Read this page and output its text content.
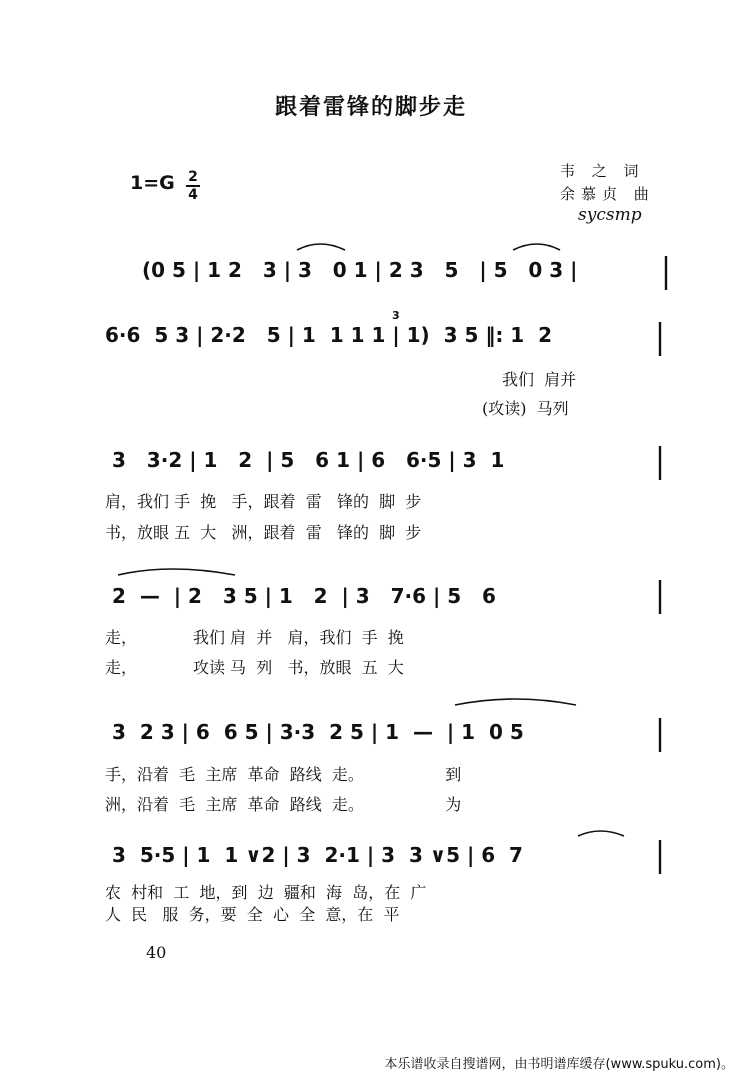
跟着雷锋的脚步走
1=G 2
4
韦 之 词
余慕贞 曲
sycsmp
(0 5 | 1 2   3 | 3   0 1 | 2 3   5   | 5   0 3 |
6·6  5 3 | 2·2   5 | 1  1 1 1 | 1)  3 5 ‖: 1  2
3
我们  肩并
(攻读)  马列
3   3·2 | 1   2  | 5   6 1 | 6   6·5 | 3  1
肩，我们 手  挽   手，跟着  雷   锋的  脚  步
书，放眼 五  大   洲，跟着  雷   锋的  脚  步
2  —  | 2   3 5 | 1   2  | 3   7·6 | 5   6
走，           我们 肩  并   肩，我们  手  挽
走，           攻读 马  列   书，放眼  五  大
3  2 3 | 6  6 5 | 3·3  2 5 | 1  —  | 1  0 5
手，沿着  毛  主席  革命  路线  走。                到
洲，沿着  毛  主席  革命  路线  走。                为
3  5·5 | 1  1 ∨2 | 3  2·1 | 3  3 ∨5 | 6  7
农  村和  工  地，到  边  疆和  海  岛，在  广
人  民   服  务，要  全  心  全  意，在  平
40
本乐谱收录自搜谱网，由书明谱库缓存(www.spuku.com)。
